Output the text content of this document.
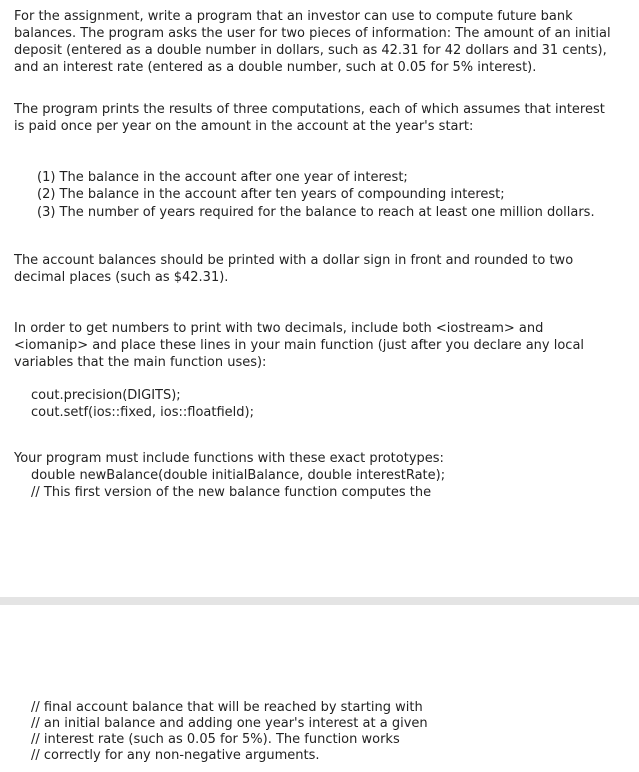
For the assignment, write a program that an investor can use to compute future bank
balances. The program asks the user for two pieces of information: The amount of an initial
deposit (entered as a double number in dollars, such as 42.31 for 42 dollars and 31 cents),
and an interest rate (entered as a double number, such at 0.05 for 5% interest).
The program prints the results of three computations, each of which assumes that interest
is paid once per year on the amount in the account at the year's start:
(1) The balance in the account after one year of interest;
(2) The balance in the account after ten years of compounding interest;
(3) The number of years required for the balance to reach at least one million dollars.
The account balances should be printed with a dollar sign in front and rounded to two
decimal places (such as $42.31).
In order to get numbers to print with two decimals, include both <iostream> and
<iomanip> and place these lines in your main function (just after you declare any local
variables that the main function uses):
cout.precision(DIGITS);
cout.setf(ios::fixed, ios::floatfield);
Your program must include functions with these exact prototypes:
double newBalance(double initialBalance, double interestRate);
// This first version of the new balance function computes the
// final account balance that will be reached by starting with
// an initial balance and adding one year's interest at a given
// interest rate (such as 0.05 for 5%). The function works
// correctly for any non-negative arguments.
